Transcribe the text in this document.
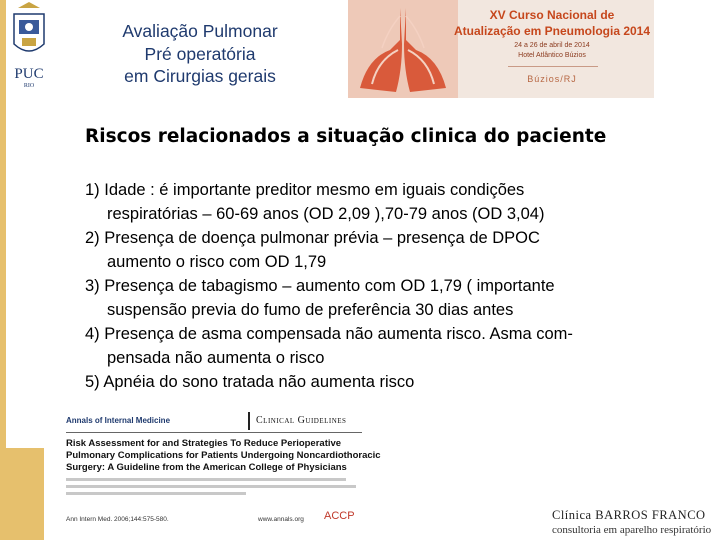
PUC
RIO
Avaliação Pulmonar
Pré operatória
em Cirurgias gerais
XV Curso Nacional de
Atualização em Pneumologia 2014
24 a 26 de abril de 2014
Hotel Atlântico Búzios
Búzios/RJ
Riscos relacionados a situação clinica do paciente
1) Idade : é importante preditor mesmo em iguais condições
respiratórias – 60-69 anos (OD 2,09 ),70-79 anos (OD 3,04)
2) Presença de doença pulmonar prévia – presença de DPOC
aumento o risco com OD 1,79
3) Presença de tabagismo – aumento com OD 1,79 ( importante
suspensão previa do fumo de preferência 30 dias antes
4) Presença de asma compensada não aumenta risco. Asma com-
pensada não aumenta o risco
5) Apnéia do sono tratada não aumenta risco
Annals of Internal Medicine	Clinical Guidelines
Risk Assessment for and Strategies To Reduce Perioperative
Pulmonary Complications for Patients Undergoing Noncardiothoracic
Surgery: A Guideline from the American College of Physicians
Ann Intern Med. 2006;144:575-580.	www.annals.org ACCP	Clínica BARROS FRANCO
consultoria em aparelho respiratório
